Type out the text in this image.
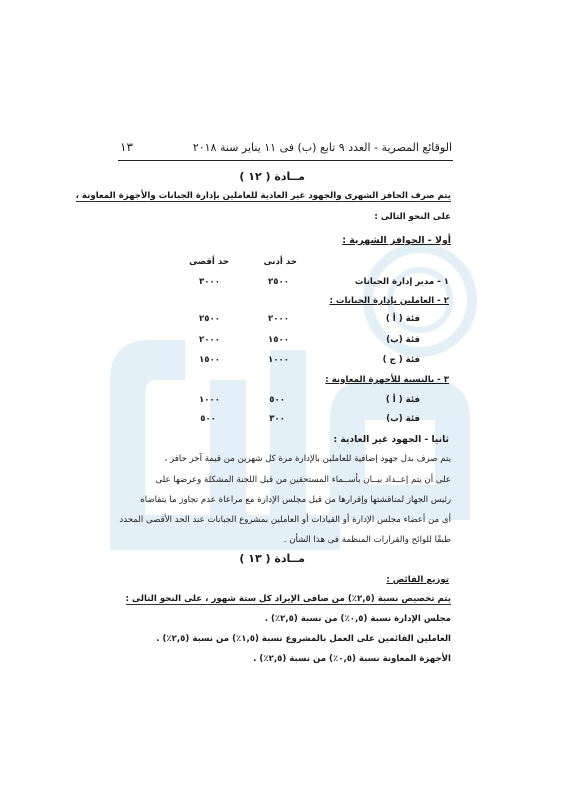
الوقائع المصرية - العدد ٩ تابع (ب) فى ١١ يناير سنة ٢٠١٨
١٣
مــادة ( ١٢ )
يتم صرف الحافز الشهرى والجهود غير العادية للعاملين بإدارة الجبانات والأجهزة المعاونة ،
على النحو التالى :
أولا - الحوافز الشهرية :
حد أدنى
حد أقصى
١ - مدير إدارة الجبانات
٢٥٠٠
٣٠٠٠
٢ - العاملين بإدارة الجبانات :
فئة ( أ )
٢٠٠٠
٢٥٠٠
فئة (ب)
١٥٠٠
٢٠٠٠
فئة ( ج )
١٠٠٠
١٥٠٠
٣ - بالنسبة للأجهزة المعاونة :
فئة ( أ )
٥٠٠
١٠٠٠
فئة (ب)
٣٠٠
٥٠٠
ثانيا - الجهود غير العادية :
يتم صرف بدل جهود إضافية للعاملين بالإدارة مرة كل شهرين من قيمة آخر حافز ،
على أن يتم إعــداد بيــان بأســماء المستحقين من قبل اللجنة المشكلة وعرضها على
رئيس الجهاز لمناقشتها وإقرارها من قبل مجلس الإدارة مع مراعاة عدم تجاوز ما يتقاضاه
أى من أعضاء مجلس الإدارة أو القيادات أو العاملين بمشروع الجبانات عند الحد الأقصى المحدد
طبقًا للوائح والقرارات المنظمة فى هذا الشأن .
مــادة ( ١٣ )
توزيع الفائض :
يتم تخصيص نسبة (٢,٥٪) من صافى الإيراد كل ستة شهور ، على النحو التالى :
مجلس الإدارة نسبة (٠,٥٪) من نسبة (٢,٥٪) .
العاملين القائمين على العمل بالمشروع نسبة (١,٥٪) من نسبة (٢,٥٪) .
الأجهزة المعاونة نسبة (٠,٥٪) من نسبة (٢,٥٪) .
